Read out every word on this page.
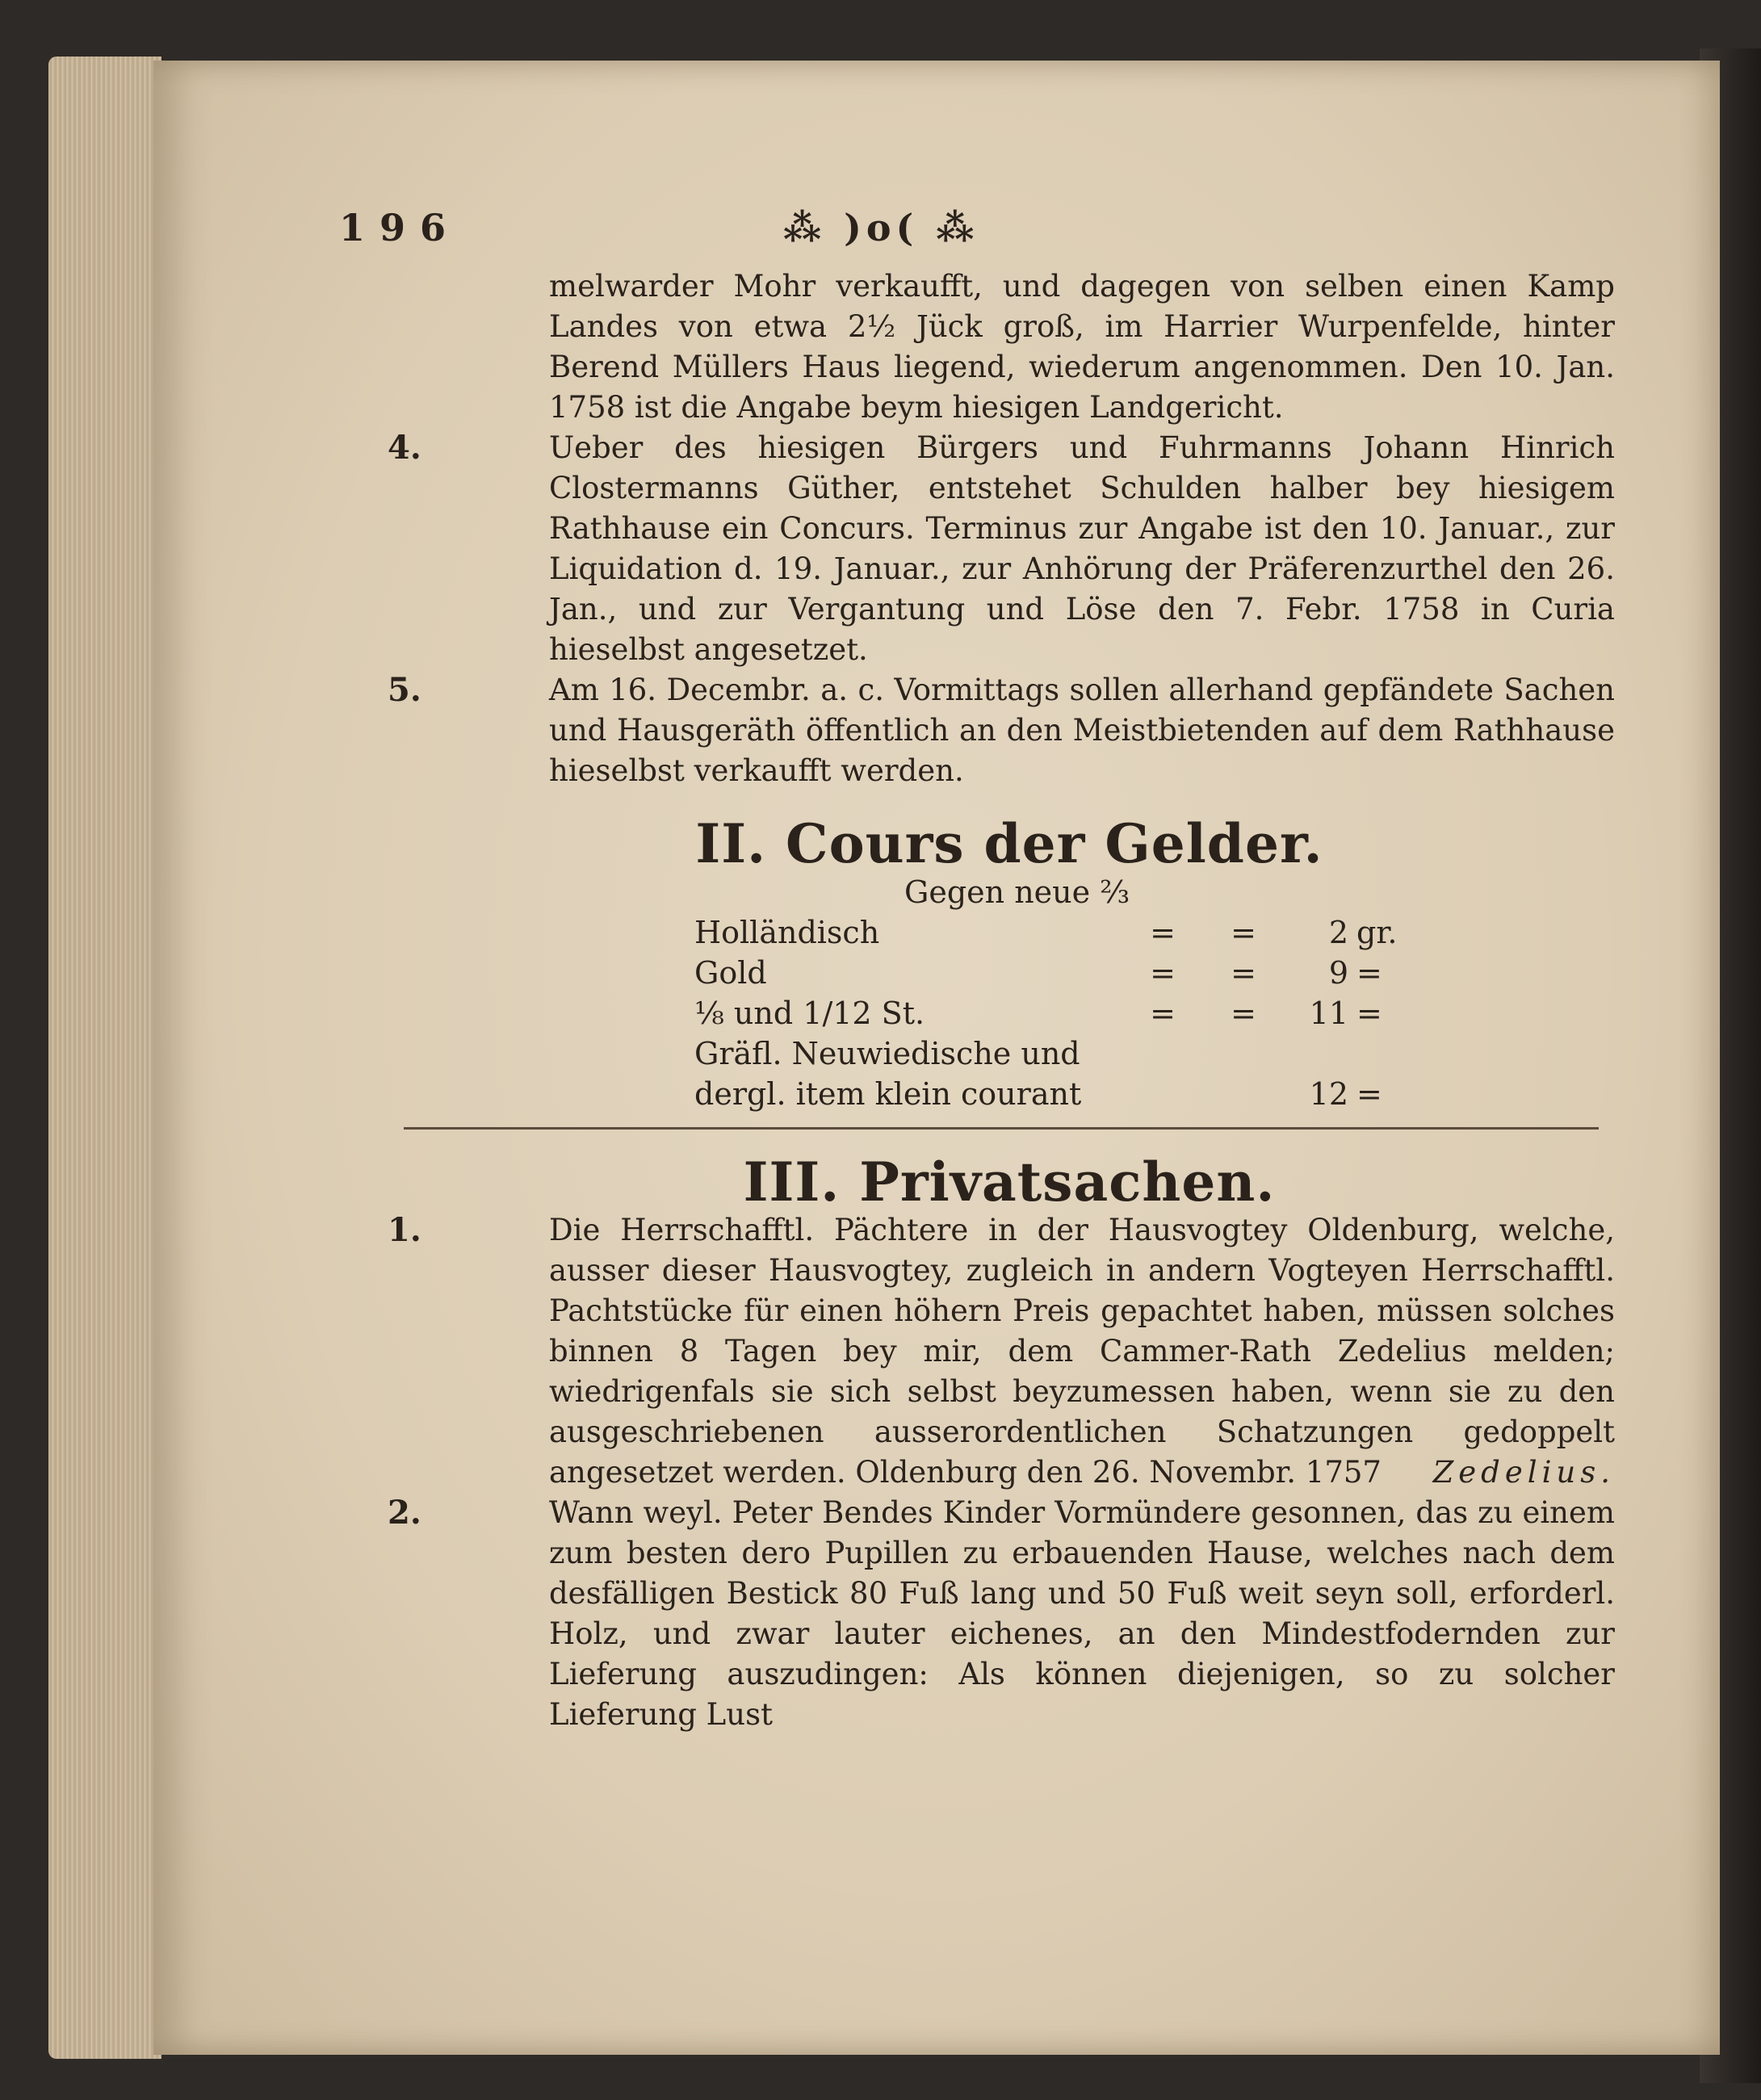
196	⁂ )o( ⁂

melwarder Mohr verkaufft, und dagegen von selben einen Kamp Landes von etwa 2½ Jück groß, im Harrier Wurpenfelde, hinter Berend Müllers Haus liegend, wiederum angenommen. Den 10. Jan. 1758 ist die Angabe beym hiesigen Landgericht.

4.	Ueber des hiesigen Bürgers und Fuhrmanns Johann Hinrich Clostermanns Güther, entstehet Schulden halber bey hiesigem Rathhause ein Concurs. Terminus zur Angabe ist den 10. Januar., zur Liquidation d. 19. Januar., zur Anhörung der Präferenzurthel den 26. Jan., und zur Vergantung und Löse den 7. Febr. 1758 in Curia hieselbst angesetzet.

5.	Am 16. Decembr. a. c. Vormittags sollen allerhand gepfändete Sachen und Hausgeräth öffentlich an den Meistbietenden auf dem Rathhause hieselbst verkaufft werden.

II. Cours der Gelder.
Gegen neue ⅔
Holländisch	=	=	2 gr.
Gold	=	=	9 =
⅛ und 1/12 St.	=	=	11 =
Gräfl. Neuwiedische und
dergl. item klein courant	12 =
III. Privatsachen.
1.	Die Herrschafftl. Pächtere in der Hausvogtey Oldenburg, welche, ausser dieser Hausvogtey, zugleich in andern Vogteyen Herrschafftl. Pachtstücke für einen höhern Preis gepachtet haben, müssen solches binnen 8 Tagen bey mir, dem Cammer-Rath Zedelius melden; wiedrigenfals sie sich selbst beyzumessen haben, wenn sie zu den ausgeschriebenen ausserordentlichen Schatzungen gedoppelt angesetzet werden. Oldenburg den 26. Novembr. 1757 Zedelius.

2.	Wann weyl. Peter Bendes Kinder Vormündere gesonnen, das zu einem zum besten dero Pupillen zu erbauenden Hause, welches nach dem desfälligen Bestick 80 Fuß lang und 50 Fuß weit seyn soll, erforderl. Holz, und zwar lauter eichenes, an den Mindestfodernden zur Lieferung auszudingen: Als können diejenigen, so zu solcher Lieferung Lust
